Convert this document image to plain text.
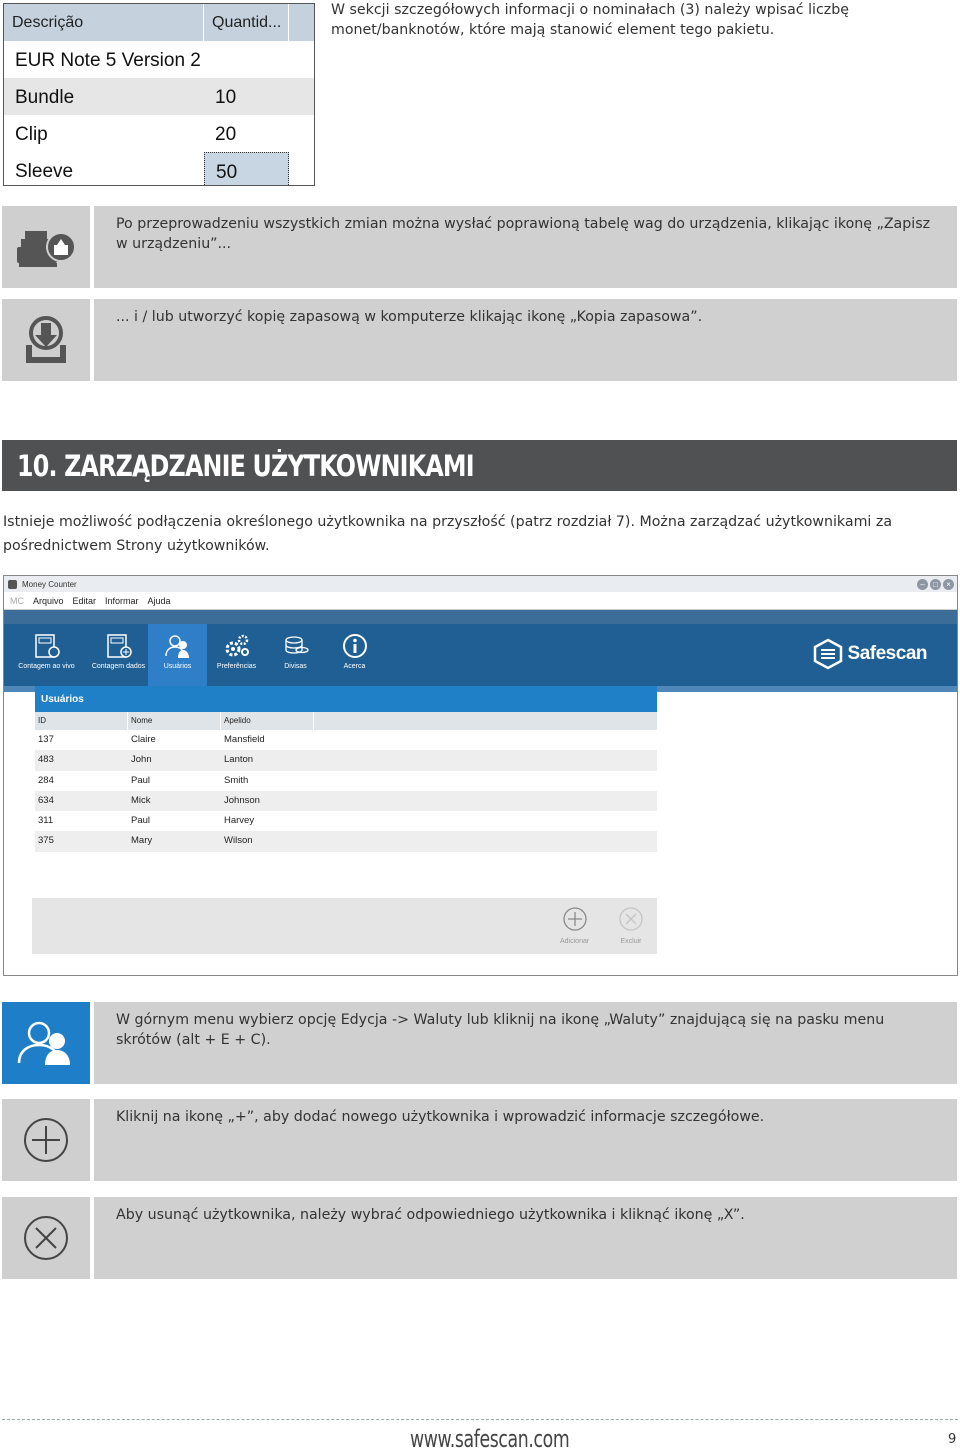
Descrição	Quantid...
EUR Note 5 Version 2
Bundle	10
Clip	20
Sleeve	50
W sekcji szczegółowych informacji o nominałach (3) należy wpisać liczbę monet/banknotów, które mają stanowić element tego pakietu.
Po przeprowadzeniu wszystkich zmian można wysłać poprawioną tabelę wag do urządzenia, klikając ikonę „Zapisz w urządzeniu”...
... i / lub utworzyć kopię zapasową w komputerze klikając ikonę „Kopia zapasowa”.
10. ZARZĄDZANIE UŻYTKOWNIKAMI
Istnieje możliwość podłączenia określonego użytkownika na przyszłość (patrz rozdział 7). Można zarządzać użytkownikami za pośrednictwem Strony użytkowników.
Money Counter	–	□	×
MC Arquivo Editar Informar Ajuda
Contagem ao vivo Contagem dados	Usuários	Preferências	Divisas	Acerca
Safescan
Usuários
ID	Nome	Apelido
137	Claire	Mansfield
483	John	Lanton
284	Paul	Smith
634	Mick	Johnson
311	Paul	Harvey
375	Mary	Wilson
Adicionar	Excluir
W górnym menu wybierz opcję Edycja -> Waluty lub kliknij na ikonę „Waluty” znajdującą się na pasku menu skrótów (alt + E + C).
Kliknij na ikonę „+”, aby dodać nowego użytkownika i wprowadzić informacje szczegółowe.
Aby usunąć użytkownika, należy wybrać odpowiedniego użytkownika i kliknąć ikonę „X”.
www.safescan.com	9
